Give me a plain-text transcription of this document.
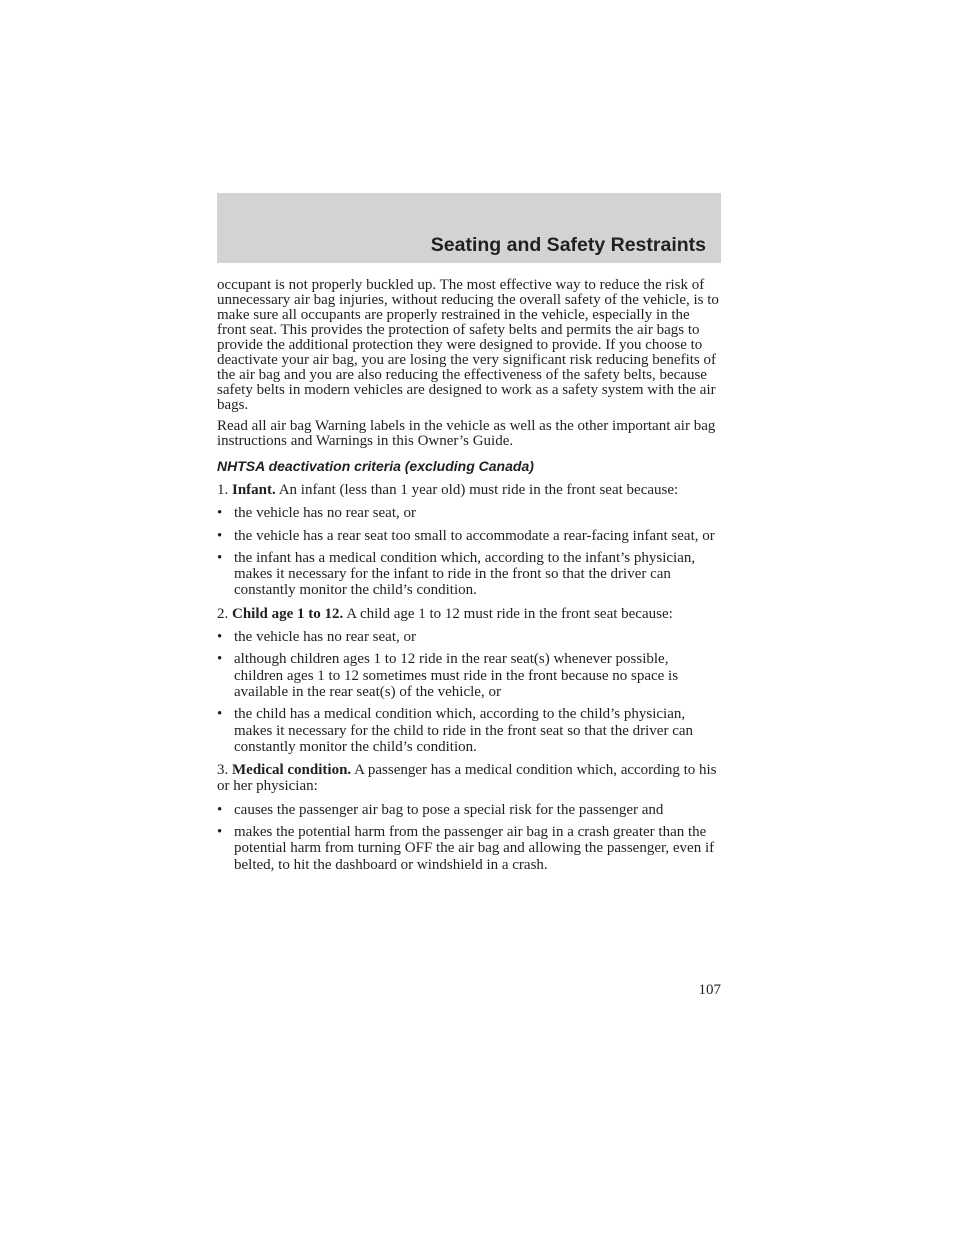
Seating and Safety Restraints

occupant is not properly buckled up. The most effective way to reduce the risk of unnecessary air bag injuries, without reducing the overall safety of the vehicle, is to make sure all occupants are properly restrained in the vehicle, especially in the front seat. This provides the protection of safety belts and permits the air bags to provide the additional protection they were designed to provide. If you choose to deactivate your air bag, you are losing the very significant risk reducing benefits of the air bag and you are also reducing the effectiveness of the safety belts, because safety belts in modern vehicles are designed to work as a safety system with the air bags.

Read all air bag Warning labels in the vehicle as well as the other important air bag instructions and Warnings in this Owner’s Guide.

NHTSA deactivation criteria (excluding Canada)

1. Infant. An infant (less than 1 year old) must ride in the front seat because:

• the vehicle has no rear seat, or
• the vehicle has a rear seat too small to accommodate a rear-facing infant seat, or
• the infant has a medical condition which, according to the infant’s physician, makes it necessary for the infant to ride in the front so that the driver can constantly monitor the child’s condition.

2. Child age 1 to 12. A child age 1 to 12 must ride in the front seat because:

• the vehicle has no rear seat, or
• although children ages 1 to 12 ride in the rear seat(s) whenever possible, children ages 1 to 12 sometimes must ride in the front because no space is available in the rear seat(s) of the vehicle, or
• the child has a medical condition which, according to the child’s physician, makes it necessary for the child to ride in the front seat so that the driver can constantly monitor the child’s condition.

3. Medical condition. A passenger has a medical condition which, according to his or her physician:

• causes the passenger air bag to pose a special risk for the passenger and
• makes the potential harm from the passenger air bag in a crash greater than the potential harm from turning OFF the air bag and allowing the passenger, even if belted, to hit the dashboard or windshield in a crash.

107
